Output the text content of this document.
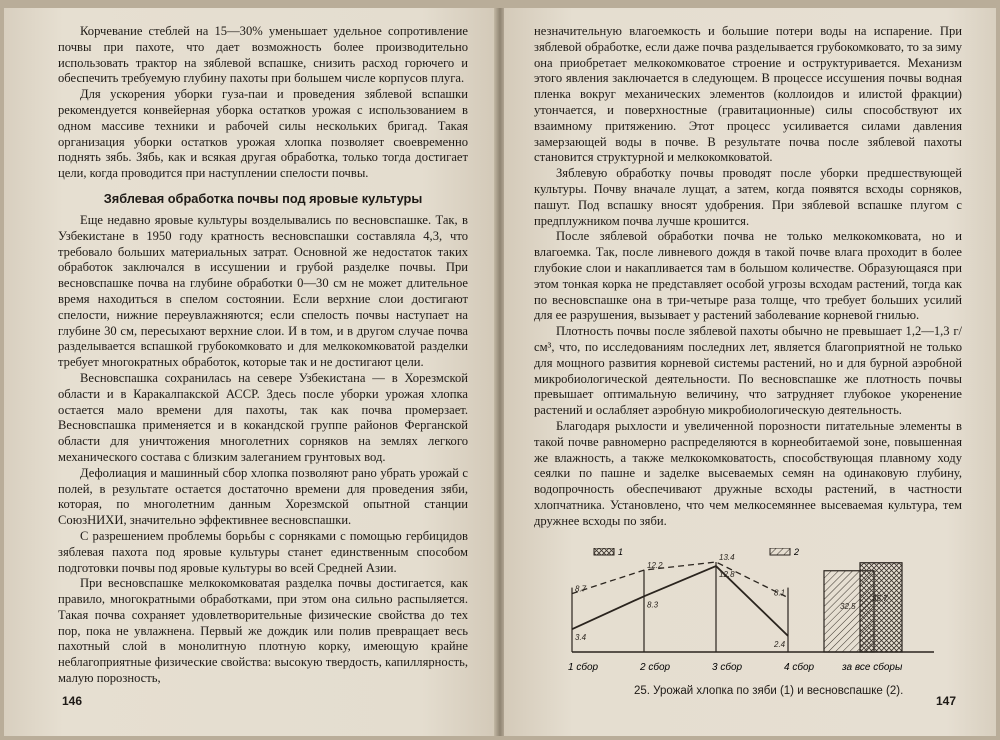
Корчевание стеблей на 15—30% уменьшает удельное сопротивление почвы при пахоте, что дает возможность более производительно использовать трактор на зяблевой вспашке, снизить расход горючего и обеспечить требуемую глубину пахоты при большем числе корпусов плуга.

Для ускорения уборки гуза-паи и проведения зяблевой вспашки рекомендуется конвейерная уборка остатков урожая с использованием в одном массиве техники и рабочей силы нескольких бригад. Такая организация уборки остатков урожая хлопка позволяет своевременно поднять зябь. Зябь, как и всякая другая обработка, только тогда достигает цели, когда проводится при наступлении спелости почвы.

Зяблевая обработка почвы под яровые культуры

Еще недавно яровые культуры возделывались по весновспашке. Так, в Узбекистане в 1950 году кратность весновспашки составляла 4,3, что требовало больших материальных затрат. Основной же недостаток таких обработок заключался в иссушении и грубой разделке почвы. При весновспашке почва на глубине обработки 0—30 см не может длительное время находиться в спелом состоянии. Если верхние слои достигают спелости, нижние переувлажняются; если спелость почвы наступает на глубине 30 см, пересыхают верхние слои. И в том, и в другом случае почва разделывается вспашкой грубокомковато и для мелкокомковатой разделки требует многократных обработок, которые так и не достигают цели.

Весновспашка сохранилась на севере Узбекистана — в Хорезмской области и в Каракалпакской АССР. Здесь после уборки урожая хлопка остается мало времени для пахоты, так как почва промерзает. Весновспашка применяется и в кокандской группе районов Ферганской области для уничтожения многолетних сорняков на землях легкого механического состава с близким залеганием грунтовых вод.

Дефолиация и машинный сбор хлопка позволяют рано убрать урожай с полей, в результате остается достаточно времени для проведения зяби, которая, по многолетним данным Хорезмской опытной станции СоюзНИХИ, значительно эффективнее весновспашки.

С разрешением проблемы борьбы с сорняками с помощью гербицидов зяблевая пахота под яровые культуры станет единственным способом подготовки почвы под яровые культуры во всей Средней Азии.

При весновспашке мелкокомковатая разделка почвы достигается, как правило, многократными обработками, при этом она сильно распыляется. Такая почва сохраняет удовлетворительные физические свойства до тех пор, пока не увлажнена. Первый же дождик или полив превращает весь пахотный слой в монолитную плотную корку, имеющую крайне неблагоприятные физические свойства: высокую твердость, капиллярность, малую порозность,

146

незначительную влагоемкость и большие потери воды на испарение. При зяблевой обработке, если даже почва разделывается грубокомковато, то за зиму она приобретает мелкокомковатое строение и оструктуривается. Механизм этого явления заключается в следующем. В процессе иссушения почвы водная пленка вокруг механических элементов (коллоидов и илистой фракции) утончается, и поверхностные (гравитационные) силы способствуют их взаимному притяжению. Этот процесс усиливается силами давления замерзающей воды в почве. В результате почва после зяблевой пахоты становится структурной и мелкокомковатой.

Зяблевую обработку почвы проводят после уборки предшествующей культуры. Почву вначале лущат, а затем, когда появятся всходы сорняков, пашут. Под вспашку вносят удобрения. При зяблевой вспашке плугом с предплужником почва лучше крошится.

После зяблевой обработки почва не только мелкокомковата, но и влагоемка. Так, после ливневого дождя в такой почве влага проходит в более глубокие слои и накапливается там в большом количестве. Образующаяся при этом тонкая корка не представляет особой угрозы всходам растений, тогда как по весновспашке она в три-четыре раза толще, что требует больших усилий для ее разрушения, вызывает у растений заболевание корневой гнилью.

Плотность почвы после зяблевой пахоты обычно не превышает 1,2—1,3 г/см³, что, по исследованиям последних лет, является благоприятной не только для мощного развития корневой системы растений, но и для бурной аэробной микробиологической деятельности. По весновспашке же плотность почвы превышает оптимальную величину, что затрудняет глубокое укоренение растений и ослабляет аэробную микробиологическую деятельность.

Благодаря рыхлости и увеличенной порозности питательные элементы в такой почве равномерно распределяются в корнеобитаемой зоне, повышенная же влажность, а также мелкокомковатость, способствующая плавному ходу сеялки по пашне и заделке высеваемых семян на одинаковую глубину, водопрочность обеспечивают дружные всходы растений, в частности хлопчатника. Установлено, что чем мелкосемяннее высеваемая культура, тем дружнее всходы по зяби.

8.7
12.2
13.4
8.1
3.4
8.3
12.8
2.4
1	2
32.5
35.7
1 сбор	2 сбор	3 сбор	4 сбор	за все сборы
25. Урожай хлопка по зяби (1) и весновспашке (2).
147
